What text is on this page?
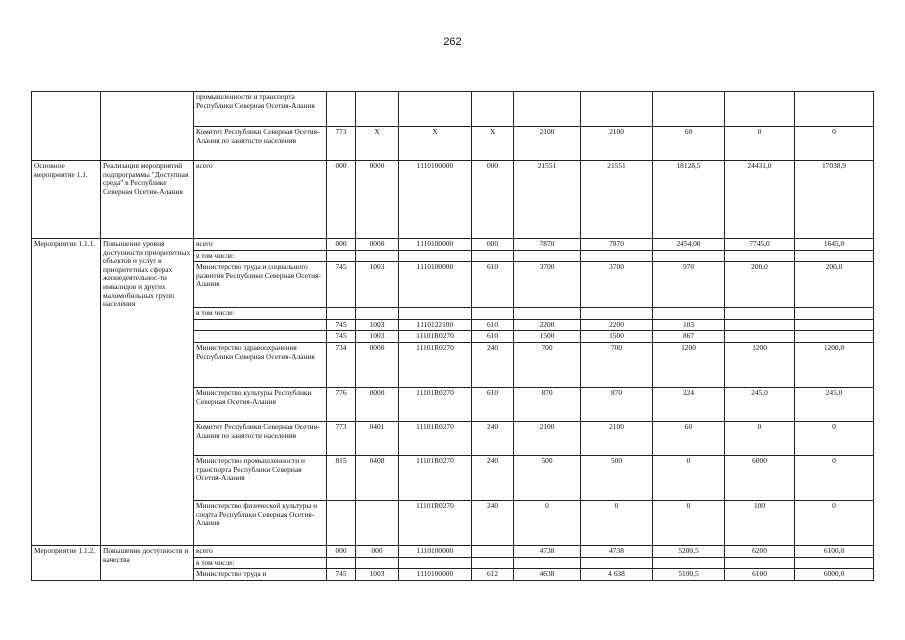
262
		промышленности и транспорта Республики Северная Осетия-Алания									
		Комитет Республики Северная Осетия-Алания по занятости населения	773	Х	Х	Х	2100	2100	60	0	0
Основное мероприятие 1.1.	Реализация мероприятий подпрограммы "Доступная среда" в Республике Северная Осетия-Алания	всего	000	0000	1110100000	000	21551	21551	18128,5	24431,0	17038,9
Мероприятие 1.1.1.	Повышение уровня доступности приоритетных объектов и услуг в приоритетных сферах жизнедеятельнос-ти инвалидов и других маломобильных групп населения	всего	000	0000	1110100000	000	7870	7870	2454,00	7745,0	1645,0
		в том числе:									
		Министерство труда и социального развития Республики Северная Осетия-Алания	745	1003	1110100000	610	3700	3700	970	200,0	200,0
		в том числе:									
			745	1003	1110122100	610	2200	2200	103		
			745	1003	11101R0270	610	1500	1500	867		
		Министерство здравоохранения Республики Северная Осетия-Алания	734	0000	11101R0270	240	700	700	1200	1200	1200,0
		Министерство культуры Республики Северная Осетия-Алания	776	0000	11101R0270	610	870	870	224	245,0	245,0
		Комитет Республики Северная Осетия-Алания по занятости населения	773	0401	11101R0270	240	2100	2100	60	0	0
		Министерство промышленности и транспорта Республики Северная Осетия-Алания	815	0408	11101R0270	240	500	500	0	6000	0
		Министерство физической культуры и спорта Республики Северная Осетия-Алания			11101R0270	240	0	0	0	100	0
Мероприятие 1.1.2.	Повышение доступности и качества	всего	000	000	1110100000		4738	4738	5200,5	6200	6100,0
		в том числе:									
		Министерство труда и	745	1003	1110100000	612	4638	4 638	5100,5	6100	6000,0
